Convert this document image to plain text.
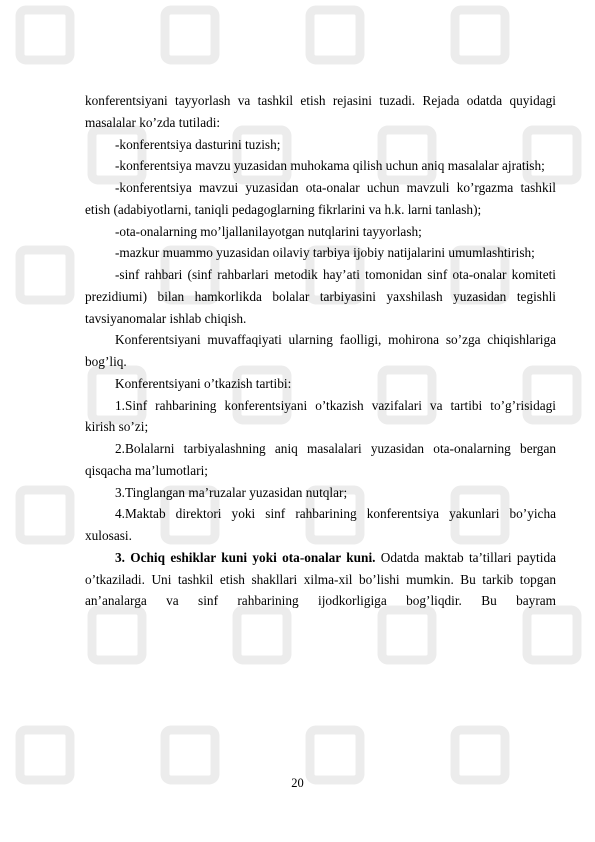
konferentsiyani tayyorlash va tashkil etish rejasini tuzadi. Rejada odatda quyidagi masalalar ko’zda tutiladi:

-konferentsiya dasturini tuzish;

-konferentsiya mavzu yuzasidan muhokama qilish uchun aniq masalalar ajratish;

-konferentsiya mavzui yuzasidan ota-onalar uchun mavzuli ko’rgazma tashkil etish (adabiyotlarni, taniqli pedagoglarning fikrlarini va h.k. larni tanlash);

-ota-onalarning mo’ljallanilayotgan nutqlarini tayyorlash;

-mazkur muammo yuzasidan oilaviy tarbiya ijobiy natijalarini umumlashtirish;

-sinf rahbari (sinf rahbarlari metodik hay’ati tomonidan sinf ota-onalar komiteti prezidiumi) bilan hamkorlikda bolalar tarbiyasini yaxshilash yuzasidan tegishli tavsiyanomalar ishlab chiqish.

Konferentsiyani muvaffaqiyati ularning faolligi, mohirona so’zga chiqishlariga bog’liq.

Konferentsiyani o’tkazish tartibi:

1.Sinf rahbarining konferentsiyani o’tkazish vazifalari va tartibi to’g’risidagi kirish so’zi;

2.Bolalarni tarbiyalashning aniq masalalari yuzasidan ota-onalarning bergan qisqacha ma’lumotlari;

3.Tinglangan ma’ruzalar yuzasidan nutqlar;

4.Maktab direktori yoki sinf rahbarining konferentsiya yakunlari bo’yicha xulosasi.

3. Ochiq eshiklar kuni yoki ota-onalar kuni. Odatda maktab ta’tillari paytida o’tkaziladi. Uni tashkil etish shakllari xilma-xil bo’lishi mumkin. Bu tarkib topgan an’analarga va sinf rahbarining ijodkorligiga bog’liqdir. Bu bayram

20
